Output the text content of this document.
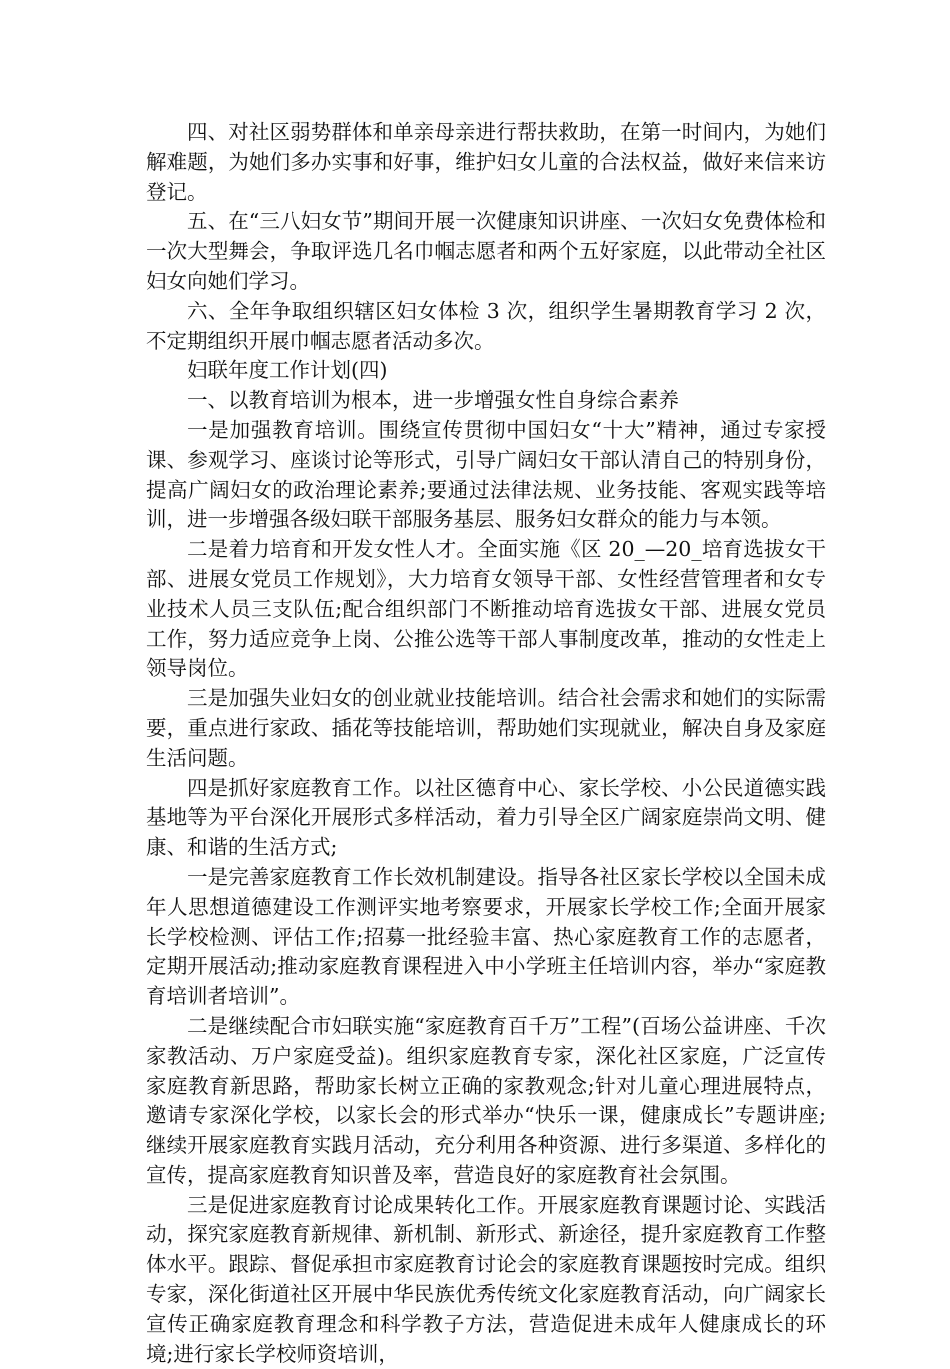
四、对社区弱势群体和单亲母亲进行帮扶救助，在第一时间内，为她们解难题，为她们多办实事和好事，维护妇女儿童的合法权益，做好来信来访登记。

五、在“三八妇女节”期间开展一次健康知识讲座、一次妇女免费体检和一次大型舞会，争取评选几名巾帼志愿者和两个五好家庭，以此带动全社区妇女向她们学习。

六、全年争取组织辖区妇女体检 3 次，组织学生暑期教育学习 2 次，不定期组织开展巾帼志愿者活动多次。

妇联年度工作计划(四)

一、以教育培训为根本，进一步增强女性自身综合素养

一是加强教育培训。围绕宣传贯彻中国妇女“十大”精神，通过专家授课、参观学习、座谈讨论等形式，引导广阔妇女干部认清自己的特别身份，提高广阔妇女的政治理论素养;要通过法律法规、业务技能、客观实践等培训，进一步增强各级妇联干部服务基层、服务妇女群众的能力与本领。

二是着力培育和开发女性人才。全面实施《区 20_—20_培育选拔女干部、进展女党员工作规划》，大力培育女领导干部、女性经营管理者和女专业技术人员三支队伍;配合组织部门不断推动培育选拔女干部、进展女党员工作，努力适应竞争上岗、公推公选等干部人事制度改革，推动的女性走上领导岗位。

三是加强失业妇女的创业就业技能培训。结合社会需求和她们的实际需要，重点进行家政、插花等技能培训，帮助她们实现就业，解决自身及家庭生活问题。

四是抓好家庭教育工作。以社区德育中心、家长学校、小公民道德实践基地等为平台深化开展形式多样活动，着力引导全区广阔家庭崇尚文明、健康、和谐的生活方式;

一是完善家庭教育工作长效机制建设。指导各社区家长学校以全国未成年人思想道德建设工作测评实地考察要求，开展家长学校工作;全面开展家长学校检测、评估工作;招募一批经验丰富、热心家庭教育工作的志愿者，定期开展活动;推动家庭教育课程进入中小学班主任培训内容，举办“家庭教育培训者培训”。

二是继续配合市妇联实施“家庭教育百千万”工程”(百场公益讲座、千次家教活动、万户家庭受益)。组织家庭教育专家，深化社区家庭，广泛宣传家庭教育新思路，帮助家长树立正确的家教观念;针对儿童心理进展特点，邀请专家深化学校，以家长会的形式举办“快乐一课，健康成长”专题讲座;继续开展家庭教育实践月活动，充分利用各种资源、进行多渠道、多样化的宣传，提高家庭教育知识普及率，营造良好的家庭教育社会氛围。

三是促进家庭教育讨论成果转化工作。开展家庭教育课题讨论、实践活动，探究家庭教育新规律、新机制、新形式、新途径，提升家庭教育工作整体水平。跟踪、督促承担市家庭教育讨论会的家庭教育课题按时完成。组织专家，深化街道社区开展中华民族优秀传统文化家庭教育活动，向广阔家长宣传正确家庭教育理念和科学教子方法，营造促进未成年人健康成长的环境;进行家长学校师资培训，
